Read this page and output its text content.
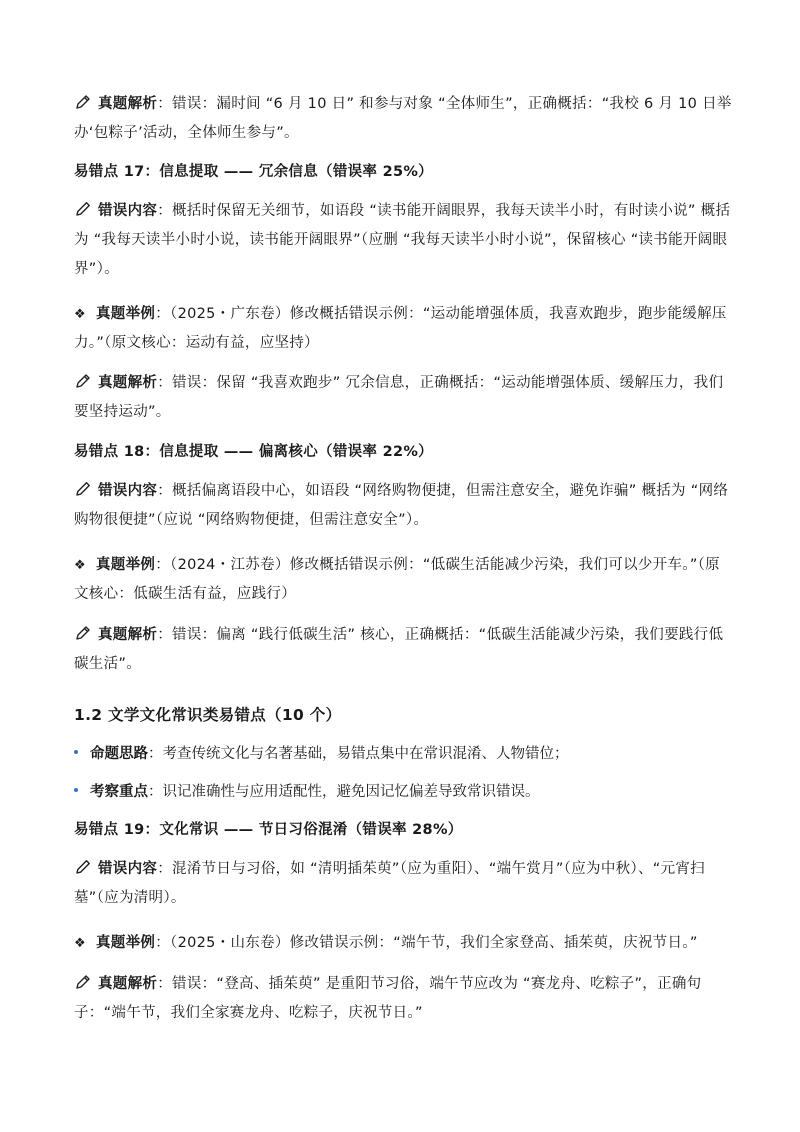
真题解析：错误：漏时间 “6 月 10 日” 和参与对象 “全体师生”，正确概括：“我校 6 月 10 日举办‘包粽子’活动，全体师生参与”。

易错点 17：信息提取 —— 冗余信息（错误率 25%）

错误内容：概括时保留无关细节，如语段 “读书能开阔眼界，我每天读半小时，有时读小说” 概括为 “我每天读半小时小说，读书能开阔眼界”（应删 “我每天读半小时小说”，保留核心 “读书能开阔眼界”）。

❖ 真题举例：（2025・广东卷）修改概括错误示例：“运动能增强体质，我喜欢跑步，跑步能缓解压力。”（原文核心：运动有益，应坚持）

真题解析：错误：保留 “我喜欢跑步” 冗余信息，正确概括：“运动能增强体质、缓解压力，我们要坚持运动”。

易错点 18：信息提取 —— 偏离核心（错误率 22%）

错误内容：概括偏离语段中心，如语段 “网络购物便捷，但需注意安全，避免诈骗” 概括为 “网络购物很便捷”（应说 “网络购物便捷，但需注意安全”）。

❖ 真题举例：（2024・江苏卷）修改概括错误示例：“低碳生活能减少污染，我们可以少开车。”（原文核心：低碳生活有益，应践行）

真题解析：错误：偏离 “践行低碳生活” 核心，正确概括：“低碳生活能减少污染，我们要践行低碳生活”。

1.2 文学文化常识类易错点（10 个）
命题思路：考查传统文化与名著基础，易错点集中在常识混淆、人物错位；
考察重点：识记准确性与应用适配性，避免因记忆偏差导致常识错误。
易错点 19：文化常识 —— 节日习俗混淆（错误率 28%）

错误内容：混淆节日与习俗，如 “清明插茱萸”（应为重阳）、“端午赏月”（应为中秋）、“元宵扫墓”（应为清明）。

❖ 真题举例：（2025・山东卷）修改错误示例：“端午节，我们全家登高、插茱萸，庆祝节日。”

真题解析：错误：“登高、插茱萸” 是重阳节习俗，端午节应改为 “赛龙舟、吃粽子”，正确句子：“端午节，我们全家赛龙舟、吃粽子，庆祝节日。”
